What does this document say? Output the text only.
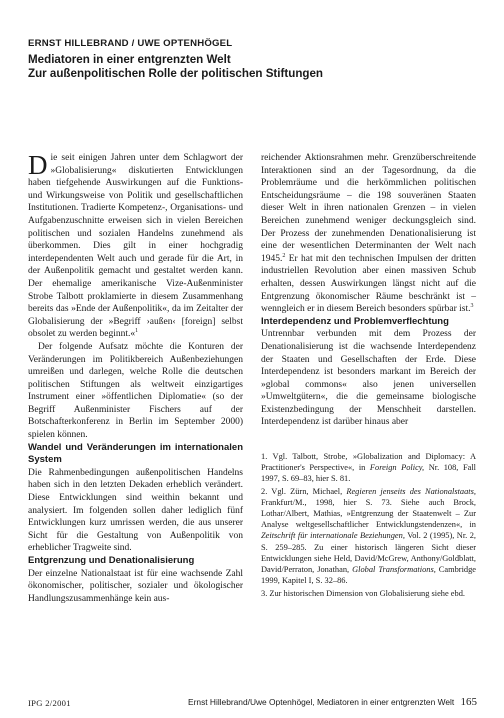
ERNST HILLEBRAND / UWE OPTENHÖGEL
Mediatoren in einer entgrenzten Welt
Zur außenpolitischen Rolle der politischen Stiftungen

Die seit einigen Jahren unter dem Schlagwort der »Globalisierung« diskutierten Entwicklungen haben tiefgehende Auswirkungen auf die Funktions- und Wirkungsweise von Politik und gesellschaftlichen Institutionen. Tradierte Kompetenz-, Organisations- und Aufgabenzuschnitte erweisen sich in vielen Bereichen politischen und sozialen Handelns zunehmend als überkommen. Dies gilt in einer hochgradig interdependenten Welt auch und gerade für die Art, in der Außenpolitik gemacht und gestaltet werden kann. Der ehemalige amerikanische Vize-Außenminister Strobe Talbott proklamierte in diesem Zusammenhang bereits das »Ende der Außenpolitik«, da im Zeitalter der Globalisierung der »Begriff ›außen‹ [foreign] selbst obsolet zu werden beginnt.«$^1$

Der folgende Aufsatz möchte die Konturen der Veränderungen im Politikbereich Außenbeziehungen umreißen und darlegen, welche Rolle die deutschen politischen Stiftungen als weltweit einzigartiges Instrument einer »öffentlichen Diplomatie« (so der Begriff Außenminister Fischers auf der Botschafterkonferenz in Berlin im September 2000) spielen können.

Wandel und Veränderungen im internationalen System

Die Rahmenbedingungen außenpolitischen Handelns haben sich in den letzten Dekaden erheblich verändert. Diese Entwicklungen sind weithin bekannt und analysiert. Im folgenden sollen daher lediglich fünf Entwicklungen kurz umrissen werden, die aus unserer Sicht für die Gestaltung von Außenpolitik von erheblicher Tragweite sind.

Entgrenzung und Denationalisierung

Der einzelne Nationalstaat ist für eine wachsende Zahl ökonomischer, politischer, sozialer und ökologischer Handlungszusammenhänge kein aus-

reichender Aktionsrahmen mehr. Grenzüberschreitende Interaktionen sind an der Tagesordnung, da die Problemräume und die herkömmlichen politischen Entscheidungsräume – die 198 souveränen Staaten dieser Welt in ihren nationalen Grenzen – in vielen Bereichen zunehmend weniger deckungsgleich sind. Der Prozess der zunehmenden Denationalisierung ist eine der wesentlichen Determinanten der Welt nach 1945.$^2$ Er hat mit den technischen Impulsen der dritten industriellen Revolution aber einen massiven Schub erhalten, dessen Auswirkungen längst nicht auf die Entgrenzung ökonomischer Räume beschränkt ist – wenngleich er in diesem Bereich besonders spürbar ist.$^3$

Interdependenz und Problemverflechtung

Untrennbar verbunden mit dem Prozess der Denationalisierung ist die wachsende Interdependenz der Staaten und Gesellschaften der Erde. Diese Interdependenz ist besonders markant im Bereich der »global commons« also jenen universellen »Umweltgütern«, die die gemeinsame biologische Existenzbedingung der Menschheit darstellen. Interdependenz ist darüber hinaus aber

1. Vgl. Talbott, Strobe, »Globalization and Diplomacy: A Practitioner's Perspective«, in Foreign Policy, Nr. 108, Fall 1997, S. 69–83, hier S. 81.

2. Vgl. Zürn, Michael, Regieren jenseits des Nationalstaats, Frankfurt/M., 1998, hier S. 73. Siehe auch Brock, Lothar/Albert, Mathias, »Entgrenzung der Staatenwelt – Zur Analyse weltgesellschaftlicher Entwicklungstendenzen«, in Zeitschrift für internationale Beziehungen, Vol. 2 (1995), Nr. 2, S. 259–285. Zu einer historisch längeren Sicht dieser Entwicklungen siehe Held, David/McGrew, Anthony/Goldblatt, David/Perraton, Jonathan, Global Transformations, Cambridge 1999, Kapitel I, S. 32–86.

3. Zur historischen Dimension von Globalisierung siehe ebd.

IPG 2/2001	Ernst Hillebrand/Uwe Optenhögel, Mediatoren in einer entgrenzten Welt 165
